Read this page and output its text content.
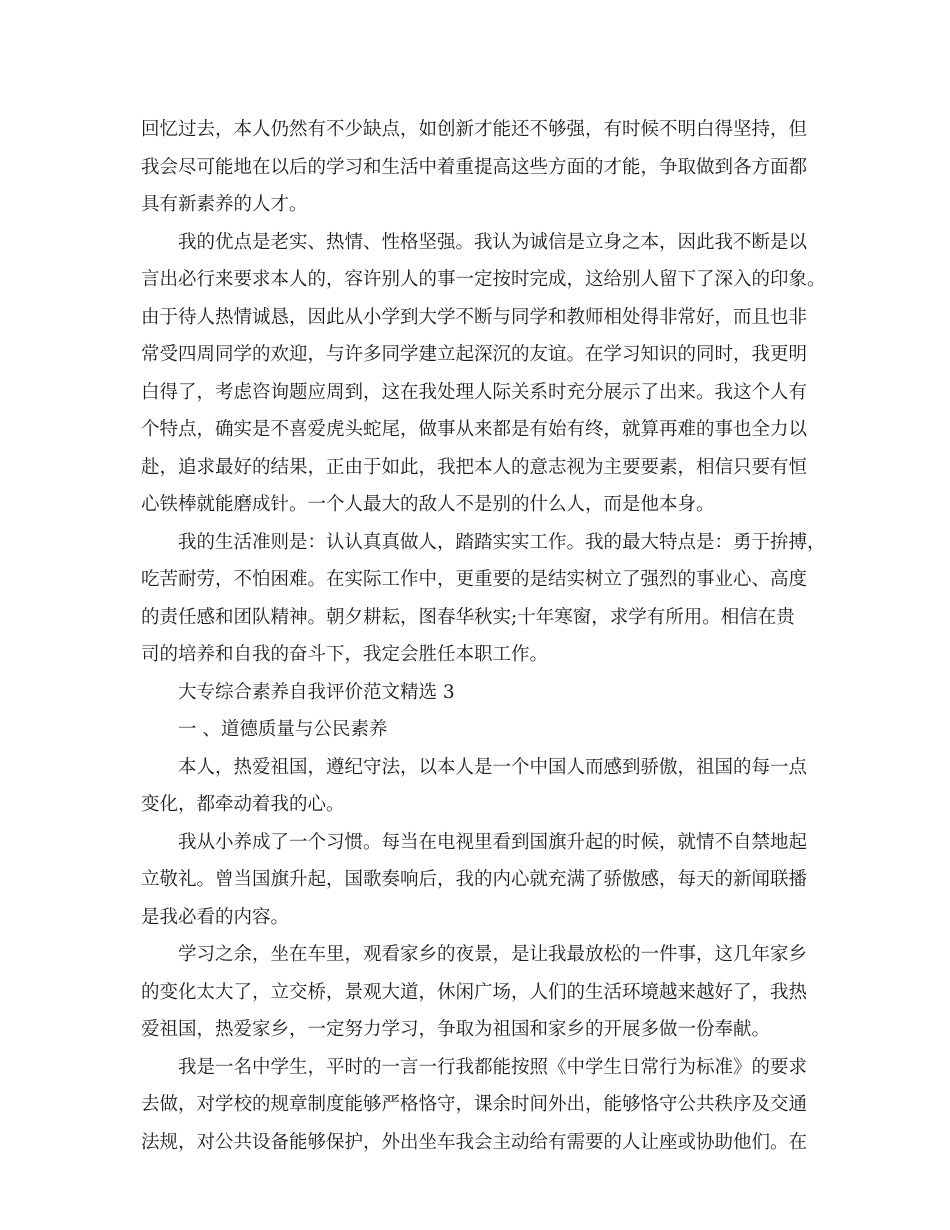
回忆过去，本人仍然有不少缺点，如创新才能还不够强，有时候不明白得坚持，但
我会尽可能地在以后的学习和生活中着重提高这些方面的才能，争取做到各方面都
具有新素养的人才。
我的优点是老实、热情、性格坚强。我认为诚信是立身之本，因此我不断是以
言出必行来要求本人的，容许别人的事一定按时完成，这给别人留下了深入的印象。
由于待人热情诚恳，因此从小学到大学不断与同学和教师相处得非常好，而且也非
常受四周同学的欢迎，与许多同学建立起深沉的友谊。在学习知识的同时，我更明
白得了，考虑咨询题应周到，这在我处理人际关系时充分展示了出来。我这个人有
个特点，确实是不喜爱虎头蛇尾，做事从来都是有始有终，就算再难的事也全力以
赴，追求最好的结果，正由于如此，我把本人的意志视为主要要素，相信只要有恒
心铁棒就能磨成针。一个人最大的敌人不是别的什么人，而是他本身。
我的生活准则是：认认真真做人，踏踏实实工作。我的最大特点是：勇于拚搏，
吃苦耐劳，不怕困难。在实际工作中，更重要的是结实树立了强烈的事业心、高度
的责任感和团队精神。朝夕耕耘，图春华秋实;十年寒窗，求学有所用。相信在贵
司的培养和自我的奋斗下，我定会胜任本职工作。
大专综合素养自我评价范文精选 3
一 、道德质量与公民素养
本人，热爱祖国，遵纪守法，以本人是一个中国人而感到骄傲，祖国的每一点
变化，都牵动着我的心。
我从小养成了一个习惯。每当在电视里看到国旗升起的时候，就情不自禁地起
立敬礼。曾当国旗升起，国歌奏响后，我的内心就充满了骄傲感，每天的新闻联播
是我必看的内容。
学习之余，坐在车里，观看家乡的夜景，是让我最放松的一件事，这几年家乡
的变化太大了，立交桥，景观大道，休闲广场，人们的生活环境越来越好了，我热
爱祖国，热爱家乡，一定努力学习，争取为祖国和家乡的开展多做一份奉献。
我是一名中学生，平时的一言一行我都能按照《中学生日常行为标准》的要求
去做，对学校的规章制度能够严格恪守，课余时间外出，能够恪守公共秩序及交通
法规，对公共设备能够保护，外出坐车我会主动给有需要的人让座或协助他们。在
